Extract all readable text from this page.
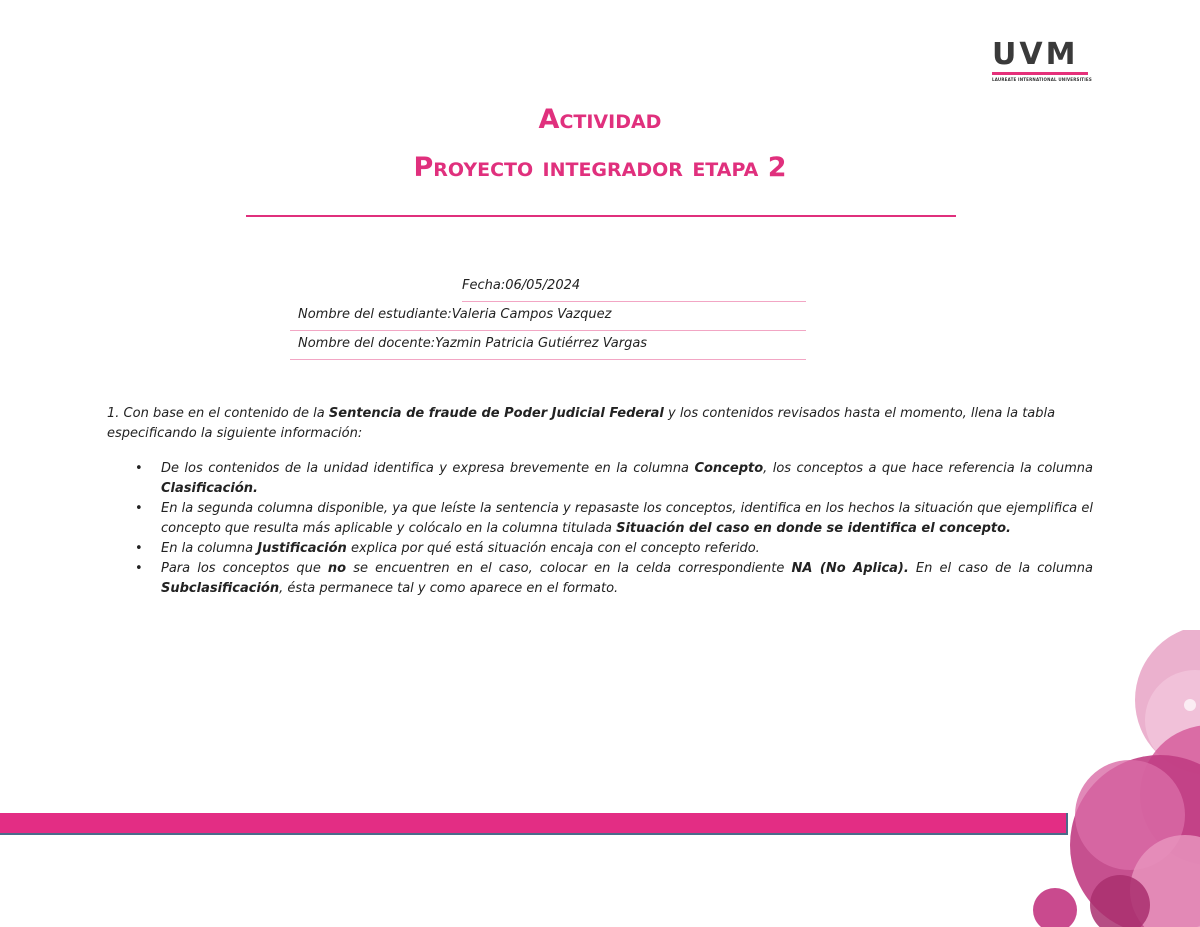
UVM
LAUREATE INTERNATIONAL UNIVERSITIES
Actividad
Proyecto integrador etapa 2
Fecha:06/05/2024
Nombre del estudiante:Valeria Campos Vazquez
Nombre del docente:Yazmin Patricia Gutiérrez Vargas
1. Con base en el contenido de la Sentencia de fraude de Poder Judicial Federal y los contenidos revisados hasta el momento, llena la tabla especificando la siguiente información:
• De los contenidos de la unidad identifica y expresa brevemente en la columna Concepto, los conceptos a que hace referencia la columna Clasificación.
• En la segunda columna disponible, ya que leíste la sentencia y repasaste los conceptos, identifica en los hechos la situación que ejemplifica el concepto que resulta más aplicable y colócalo en la columna titulada Situación del caso en donde se identifica el concepto.
• En la columna Justificación explica por qué está situación encaja con el concepto referido.
• Para los conceptos que no se encuentren en el caso, colocar en la celda correspondiente NA (No Aplica). En el caso de la columna Subclasificación, ésta permanece tal y como aparece en el formato.
